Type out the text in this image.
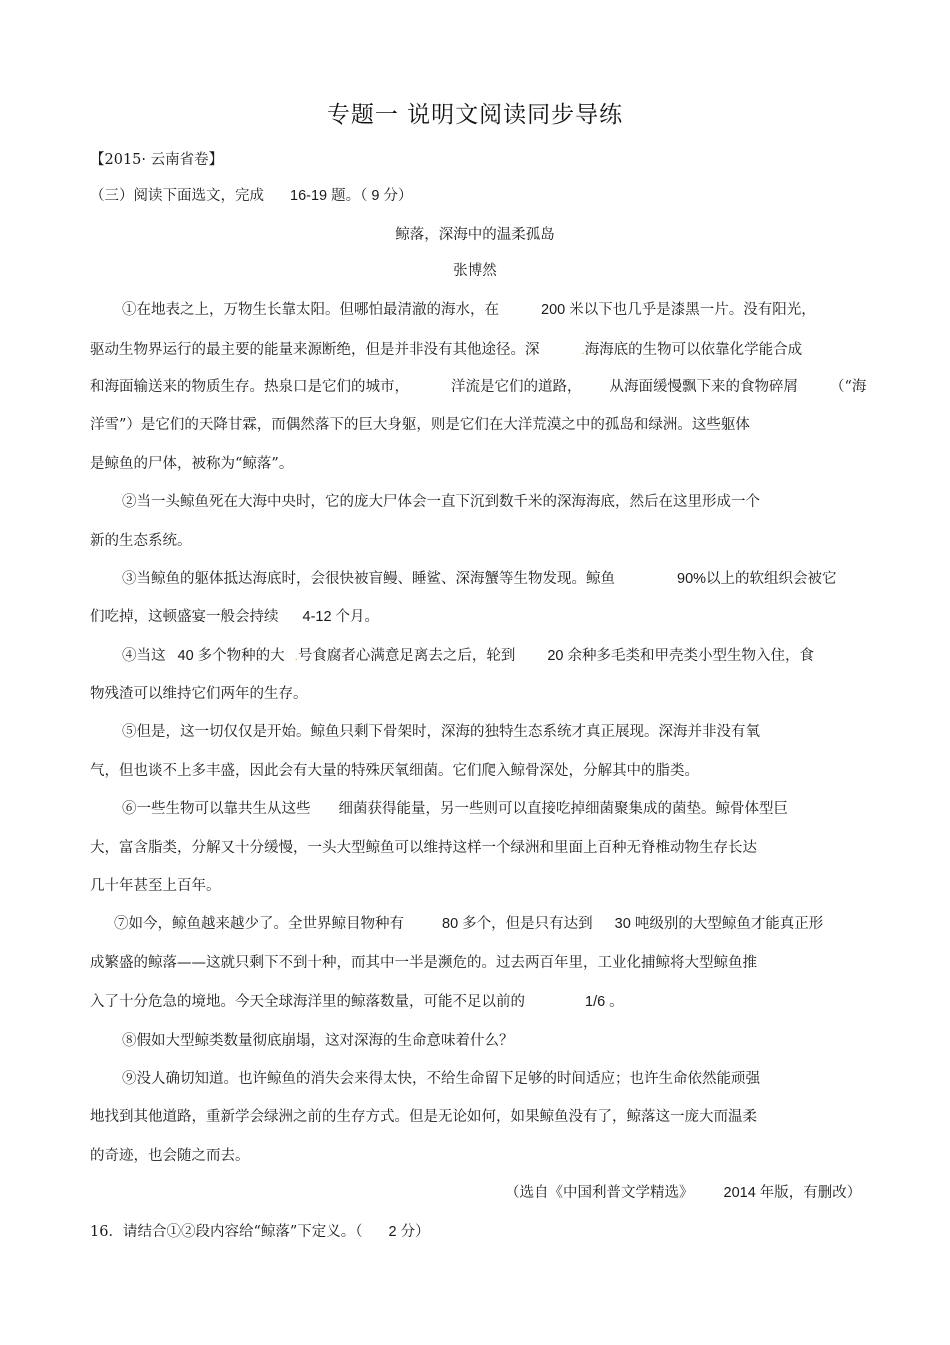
专题一 说明文阅读同步导练
【2015· 云南省卷】
（三）阅读下面选文，完成 16-19 题。（ 9 分）
鲸落，深海中的温柔孤岛
张博然
①在地表之上，万物生长靠太阳。但哪怕最清澈的海水，在	200 米以下也几乎是漆黑一片。没有阳光，
驱动生物界运行的最主要的能量来源断绝，但是并非没有其他途径。深	.海海底的生物可以依靠化学能合成
和海面输送来的物质生存。热泉口是它们的城市，	洋流是它们的道路， 从海面缓慢飘下来的食物碎屑 （“海
洋雪”）是它们的天降甘霖，而偶然落下的巨大身躯，则是它们在大洋荒漠之中的孤岛和绿洲。这些躯体
是鲸鱼的尸体，被称为“鲸落”。
②当一头鲸鱼死在大海中央时，它的庞大尸体会一直下沉到数千米的深海海底，然后在这里形成一个
新的生态系统。
③当鲸鱼的躯体抵达海底时，会很快被盲鳗、睡鲨、深海蟹等生物发现。鲸鱼	90%以上的软组织会被它
们吃掉，这顿盛宴一般会持续 4-12 个月。
④当这 40 多个物种的大 .号食腐者心满意足离去之后，轮到 20 余种多毛类和甲壳类小型生物入住，食
物残渣可以维持它们两年的生存。
⑤但是，这一切仅仅是开始。鲸鱼只剩下骨架时，深海的独特生态系统才真正展现。深海并非没有氧
气，但也谈不上多丰盛，因此会有大量的特殊厌氧细菌。它们爬入鲸骨深处，分解其中的脂类。
⑥一些生物可以靠共生从这些 细菌获得能量，另一些则可以直接吃掉细菌聚集成的菌垫。鲸骨体型巨
大，富含脂类，分解又十分缓慢，一头大型鲸鱼可以维持这样一个绿洲和里面上百种无脊椎动物生存长达
几十年甚至上百年。
⑦如今，鲸鱼越来越少了。全世界鲸目物种有	80 多个，但是只有达到 30 吨级别的大型鲸鱼才能真正形
成繁盛的鲸落——这就只剩下不到十种，而其中一半是濒危的。过去两百年里，工业化捕鲸将大型鲸鱼推
入了十分危急的境地。今天全球海洋里的鲸落数量，可能不足以前的	1/6 。
⑧假如大型鲸类数量彻底崩塌，这对深海的生命意味着什么？
⑨没人确切知道。也许鲸鱼的消失会来得太快，不给生命留下足够的时间适应；也许生命依然能顽强
地找到其他道路，重新学会绿洲之前的生存方式。但是无论如何，如果鲸鱼没有了，鲸落这一庞大而温柔
的奇迹，也会随之而去。
（选自《中国利普文学精选》 2014 年版，有删改）
16．请结合①②段内容给“鲸落”下定义。（ 2 分）
